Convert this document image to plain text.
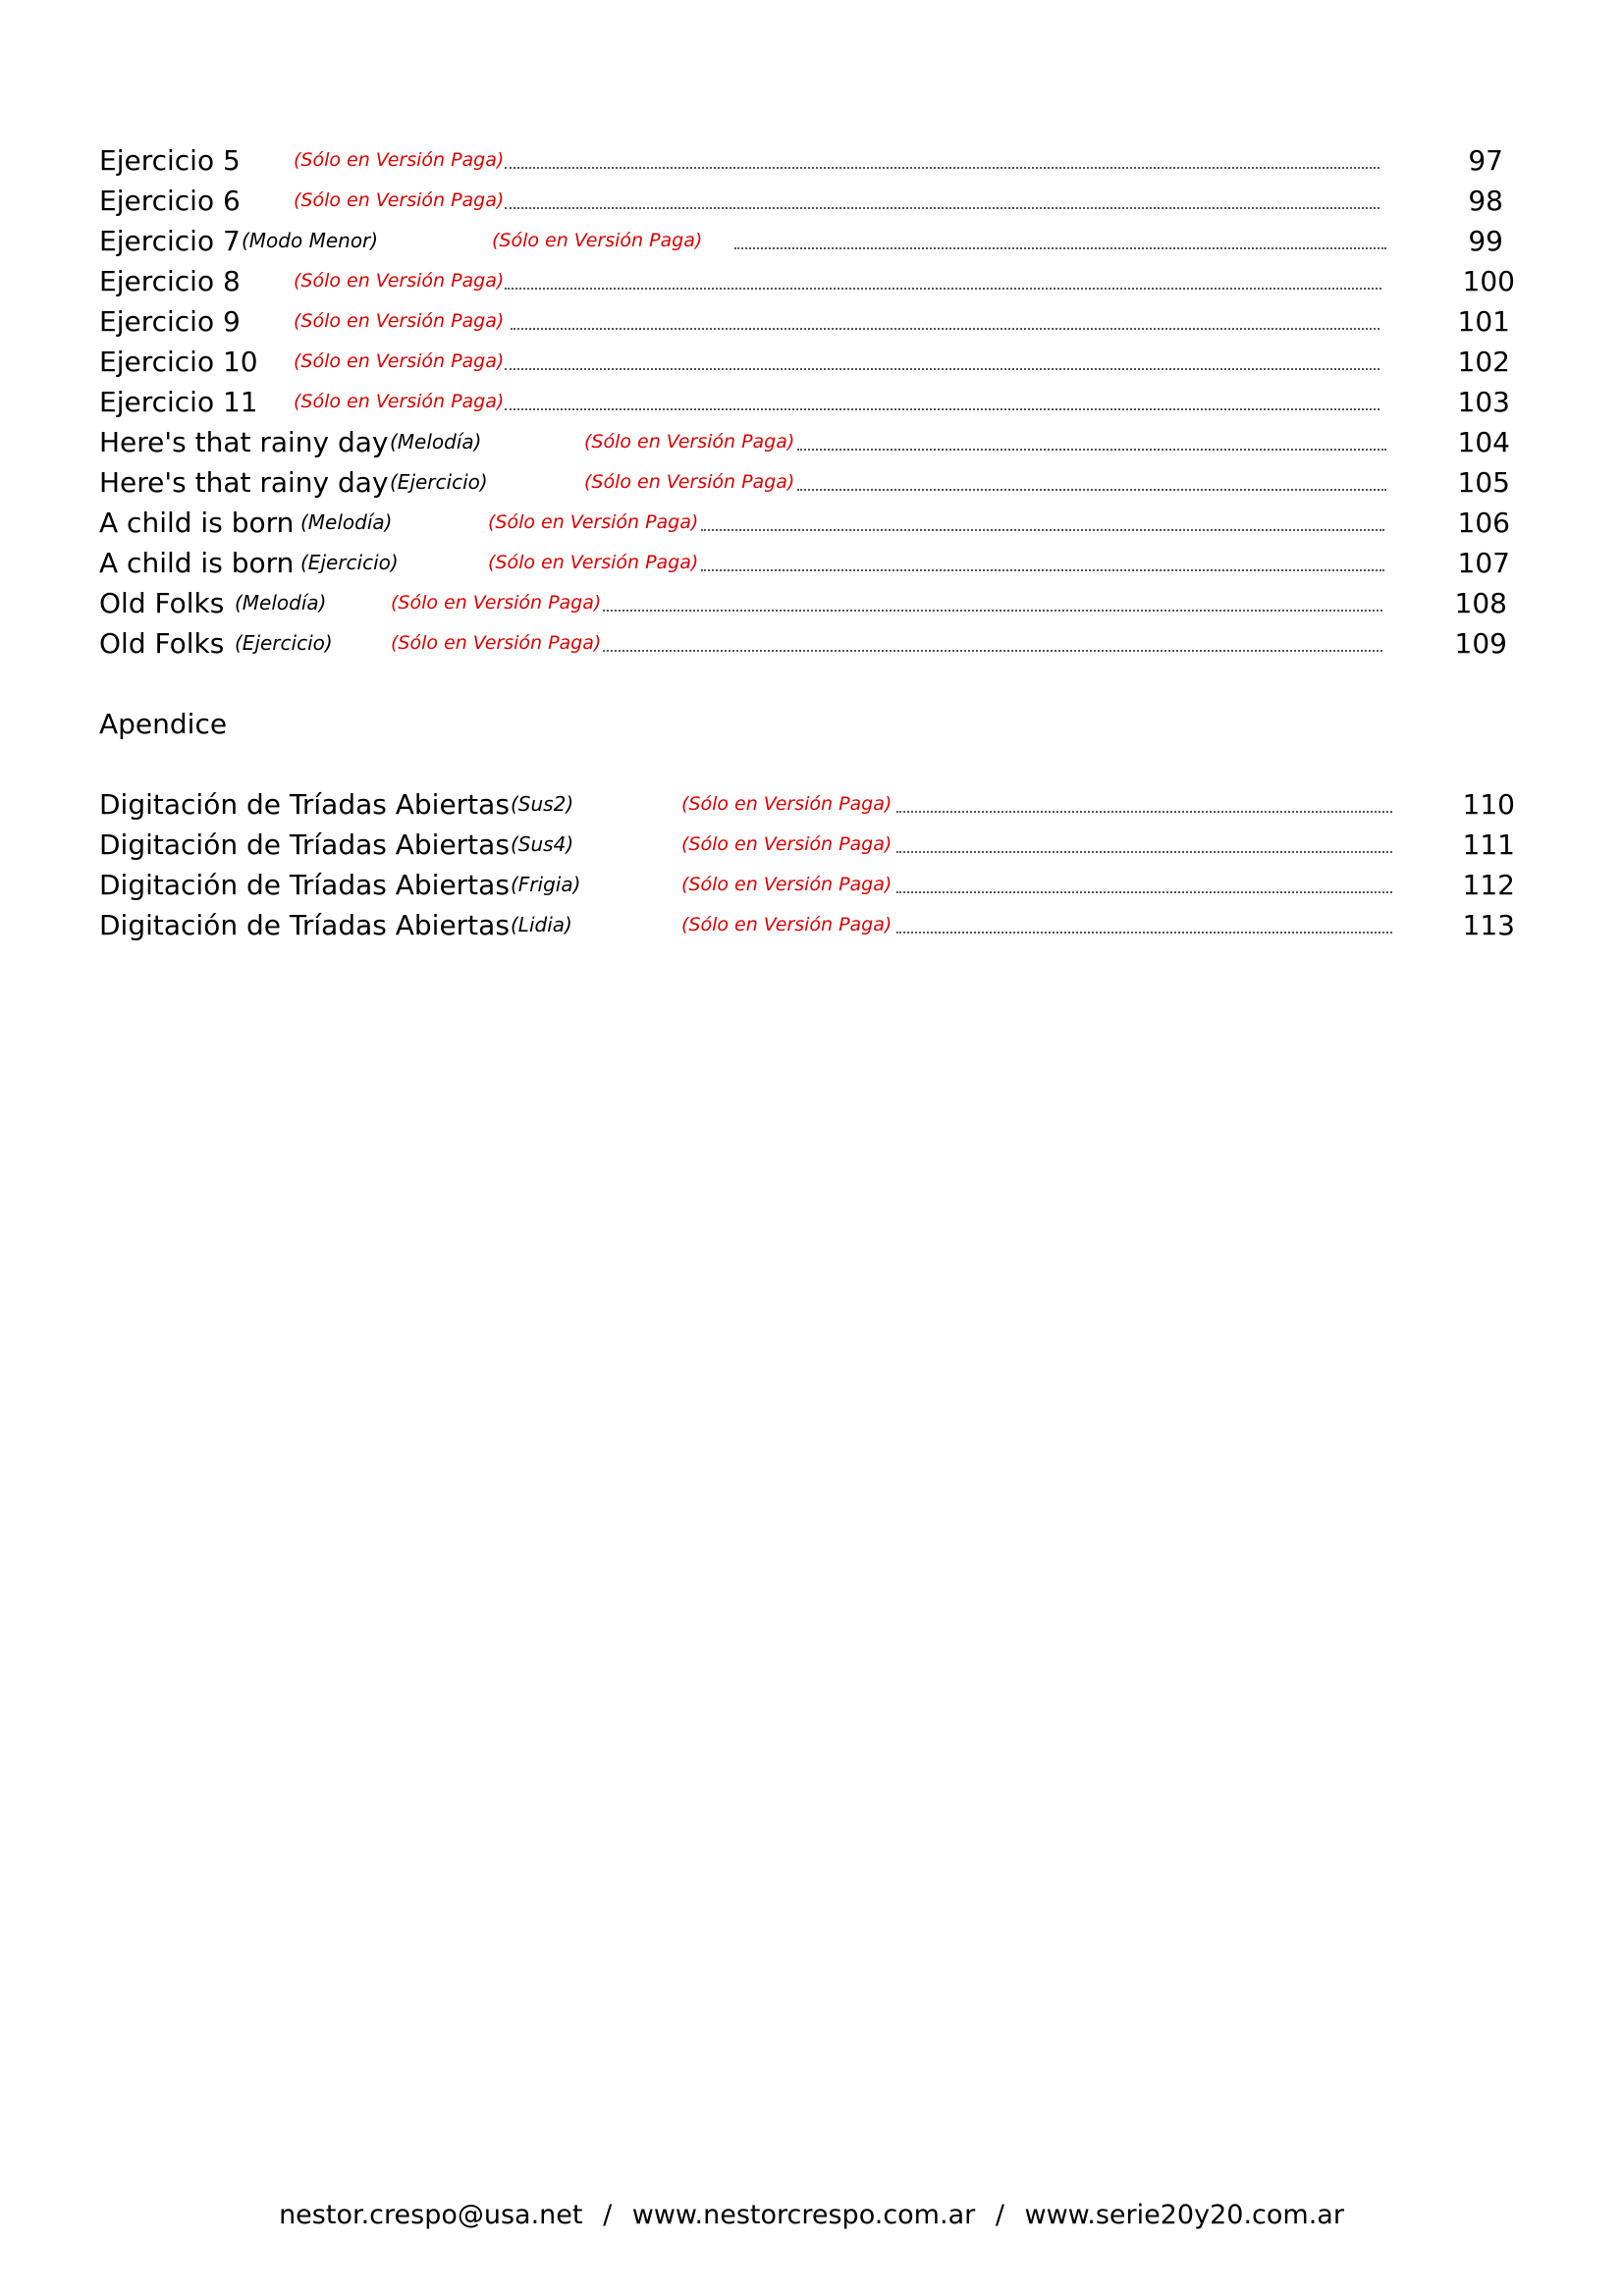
Ejercicio 5	(Sólo en Versión Paga)	97
Ejercicio 6	(Sólo en Versión Paga)	98
Ejercicio 7 (Modo Menor)	(Sólo en Versión Paga)	99
Ejercicio 8	(Sólo en Versión Paga)	100
Ejercicio 9	(Sólo en Versión Paga)	101
Ejercicio 10 (Sólo en Versión Paga)	102
Ejercicio 11 (Sólo en Versión Paga)	103
Here's that rainy day (Melodía)	(Sólo en Versión Paga)	104
Here's that rainy day (Ejercicio)	(Sólo en Versión Paga)	105
A child is born (Melodía)	(Sólo en Versión Paga)	106
A child is born (Ejercicio)	(Sólo en Versión Paga)	107
Old Folks (Melodía)	(Sólo en Versión Paga)	108
Old Folks (Ejercicio)	(Sólo en Versión Paga)	109
Apendice
Digitación de Tríadas Abiertas (Sus2)	(Sólo en Versión Paga)	110
Digitación de Tríadas Abiertas (Sus4)	(Sólo en Versión Paga)	111
Digitación de Tríadas Abiertas (Frigia)	(Sólo en Versión Paga)	112
Digitación de Tríadas Abiertas (Lidia)	(Sólo en Versión Paga)	113
nestor.crespo@usa.net / www.nestorcrespo.com.ar / www.serie20y20.com.ar
